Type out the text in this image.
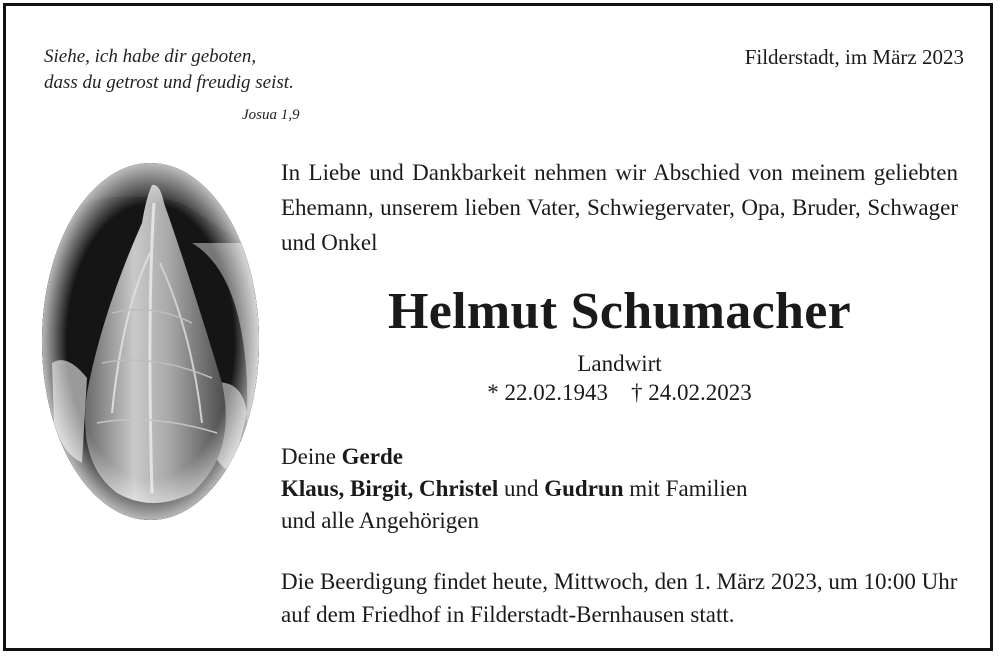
Siehe, ich habe dir geboten,
dass du getrost und freudig seist.
Josua 1,9
Filderstadt, im März 2023
In Liebe und Dankbarkeit nehmen wir Abschied von meinem geliebten Ehemann, unserem lieben Vater, Schwiegervater, Opa, Bruder, Schwager und Onkel
Helmut Schumacher
Landwirt
* 22.02.1943    † 24.02.2023
Deine Gerde
Klaus, Birgit, Christel und Gudrun mit Familien
und alle Angehörigen
Die Beerdigung findet heute, Mittwoch, den 1. März 2023, um 10:00 Uhr auf dem Friedhof in Filderstadt-Bernhausen statt.
